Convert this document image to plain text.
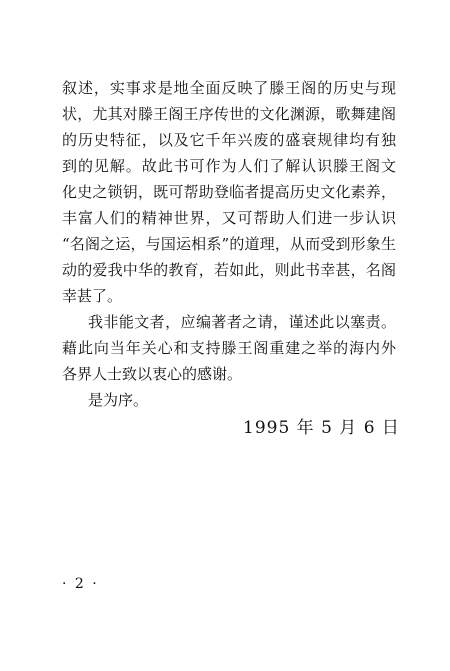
叙述，实事求是地全面反映了滕王阁的历史与现
状，尤其对滕王阁王序传世的文化渊源，歌舞建阁
的历史特征，以及它千年兴废的盛衰规律均有独
到的见解。故此书可作为人们了解认识滕王阁文
化史之锁钥，既可帮助登临者提高历史文化素养，
丰富人们的精神世界，又可帮助人们进一步认识
“名阁之运，与国运相系”的道理，从而受到形象生
动的爱我中华的教育，若如此，则此书幸甚，名阁
幸甚了。
我非能文者，应编著者之请，谨述此以塞责。
藉此向当年关心和支持滕王阁重建之举的海内外
各界人士致以衷心的感谢。
是为序。
1995 年 5 月 6 日
· 2 ·
